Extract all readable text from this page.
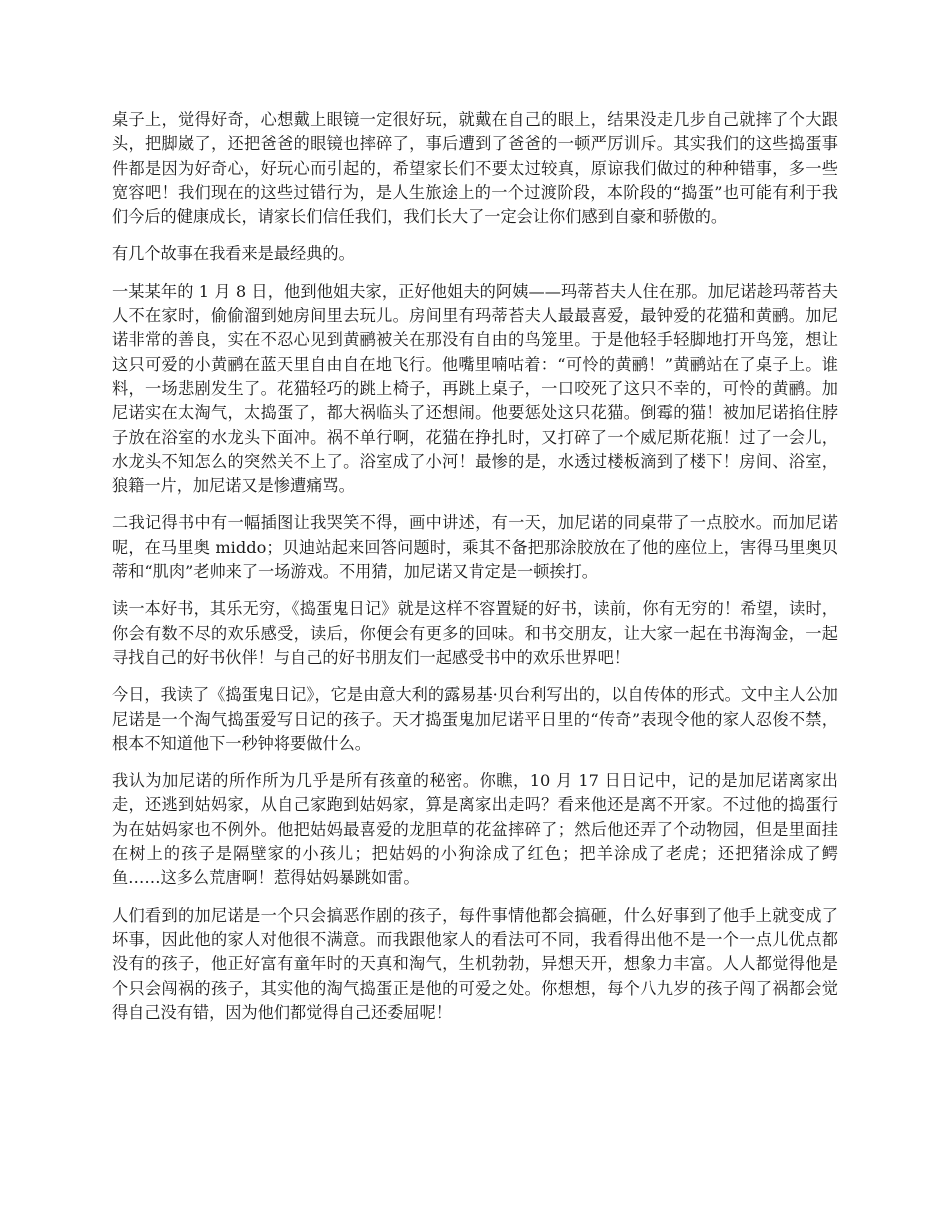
桌子上，觉得好奇，心想戴上眼镜一定很好玩，就戴在自己的眼上，结果没走几步自己就摔了个大跟头，把脚崴了，还把爸爸的眼镜也摔碎了，事后遭到了爸爸的一顿严厉训斥。其实我们的这些捣蛋事件都是因为好奇心，好玩心而引起的，希望家长们不要太过较真，原谅我们做过的种种错事，多一些宽容吧！我们现在的这些过错行为，是人生旅途上的一个过渡阶段，本阶段的“捣蛋”也可能有利于我们今后的健康成长，请家长们信任我们，我们长大了一定会让你们感到自豪和骄傲的。

有几个故事在我看来是最经典的。

一某某年的 1 月 8 日，他到他姐夫家，正好他姐夫的阿姨——玛蒂苔夫人住在那。加尼诺趁玛蒂苔夫人不在家时，偷偷溜到她房间里去玩儿。房间里有玛蒂苔夫人最最喜爱，最钟爱的花猫和黄鹂。加尼诺非常的善良，实在不忍心见到黄鹂被关在那没有自由的鸟笼里。于是他轻手轻脚地打开鸟笼，想让这只可爱的小黄鹂在蓝天里自由自在地飞行。他嘴里喃咕着：“可怜的黄鹂！”黄鹂站在了桌子上。谁料，一场悲剧发生了。花猫轻巧的跳上椅子，再跳上桌子，一口咬死了这只不幸的，可怜的黄鹂。加尼诺实在太淘气，太捣蛋了，都大祸临头了还想闹。他要惩处这只花猫。倒霉的猫！被加尼诺掐住脖子放在浴室的水龙头下面冲。祸不单行啊，花猫在挣扎时，又打碎了一个威尼斯花瓶！过了一会儿，水龙头不知怎么的突然关不上了。浴室成了小河！最惨的是，水透过楼板滴到了楼下！房间、浴室，狼籍一片，加尼诺又是惨遭痛骂。

二我记得书中有一幅插图让我哭笑不得，画中讲述，有一天，加尼诺的同桌带了一点胶水。而加尼诺呢，在马里奥 middo；贝迪站起来回答问题时，乘其不备把那涂胶放在了他的座位上，害得马里奥贝蒂和“肌肉”老帅来了一场游戏。不用猜，加尼诺又肯定是一顿挨打。

读一本好书，其乐无穷，《捣蛋鬼日记》就是这样不容置疑的好书，读前，你有无穷的！希望，读时，你会有数不尽的欢乐感受，读后，你便会有更多的回味。和书交朋友，让大家一起在书海淘金，一起寻找自己的好书伙伴！与自己的好书朋友们一起感受书中的欢乐世界吧！

今日，我读了《捣蛋鬼日记》，它是由意大利的露易基·贝台利写出的，以自传体的形式。文中主人公加尼诺是一个淘气捣蛋爱写日记的孩子。天才捣蛋鬼加尼诺平日里的“传奇”表现令他的家人忍俊不禁，根本不知道他下一秒钟将要做什么。

我认为加尼诺的所作所为几乎是所有孩童的秘密。你瞧，10 月 17 日日记中，记的是加尼诺离家出走，还逃到姑妈家，从自己家跑到姑妈家，算是离家出走吗？看来他还是离不开家。不过他的捣蛋行为在姑妈家也不例外。他把姑妈最喜爱的龙胆草的花盆摔碎了；然后他还弄了个动物园，但是里面挂在树上的孩子是隔壁家的小孩儿；把姑妈的小狗涂成了红色；把羊涂成了老虎；还把猪涂成了鳄鱼……这多么荒唐啊！惹得姑妈暴跳如雷。

人们看到的加尼诺是一个只会搞恶作剧的孩子，每件事情他都会搞砸，什么好事到了他手上就变成了坏事，因此他的家人对他很不满意。而我跟他家人的看法可不同，我看得出他不是一个一点儿优点都没有的孩子，他正好富有童年时的天真和淘气，生机勃勃，异想天开，想象力丰富。人人都觉得他是个只会闯祸的孩子，其实他的淘气捣蛋正是他的可爱之处。你想想，每个八九岁的孩子闯了祸都会觉得自己没有错，因为他们都觉得自己还委屈呢！
